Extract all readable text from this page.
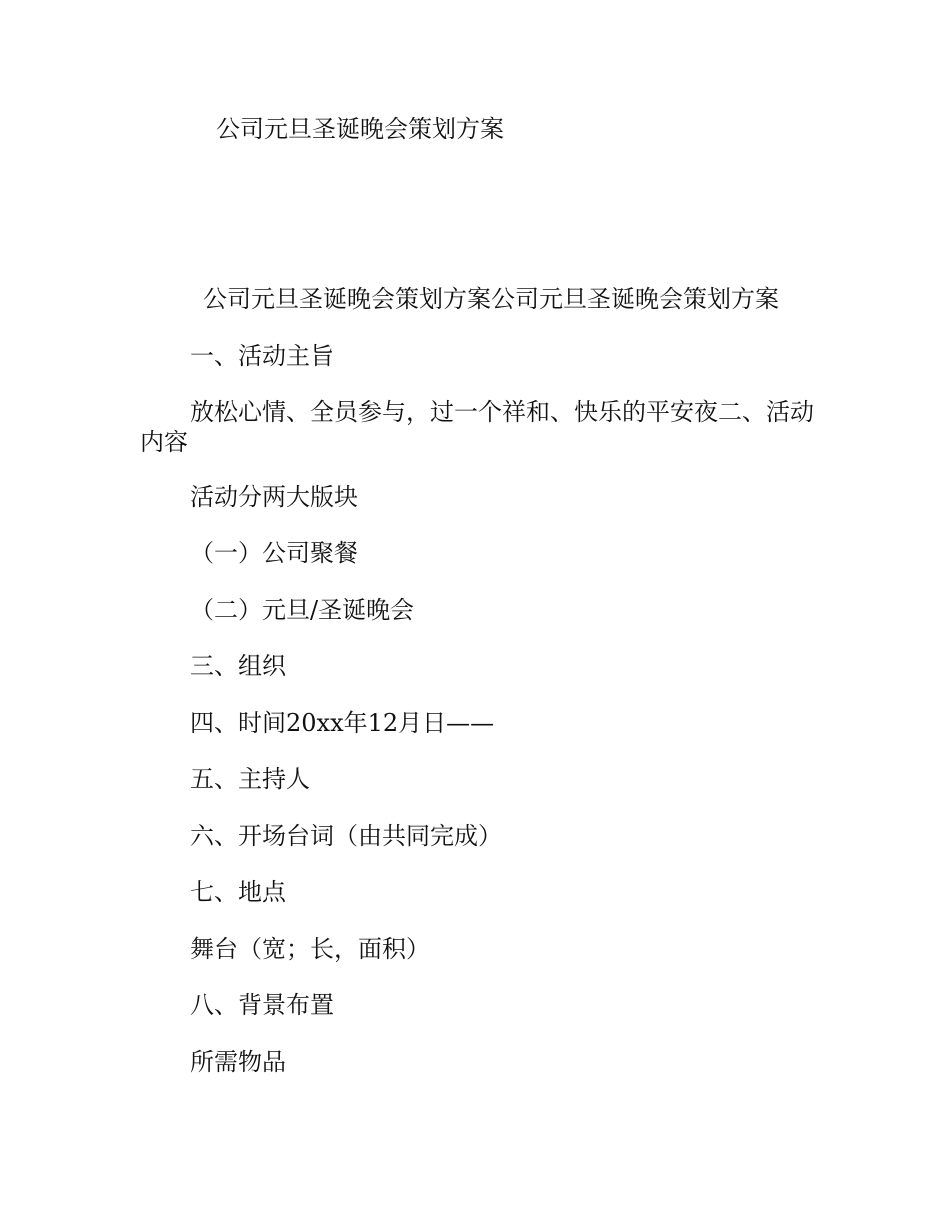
公司元旦圣诞晚会策划方案

公司元旦圣诞晚会策划方案公司元旦圣诞晚会策划方案

一、活动主旨

放松心情、全员参与，过一个祥和、快乐的平安夜二、活动内容

活动分两大版块

（一）公司聚餐

（二）元旦/圣诞晚会

三、组织

四、时间20xx年12月日——

五、主持人

六、开场台词（由共同完成）

七、地点

舞台（宽；长，面积）

八、背景布置

所需物品
